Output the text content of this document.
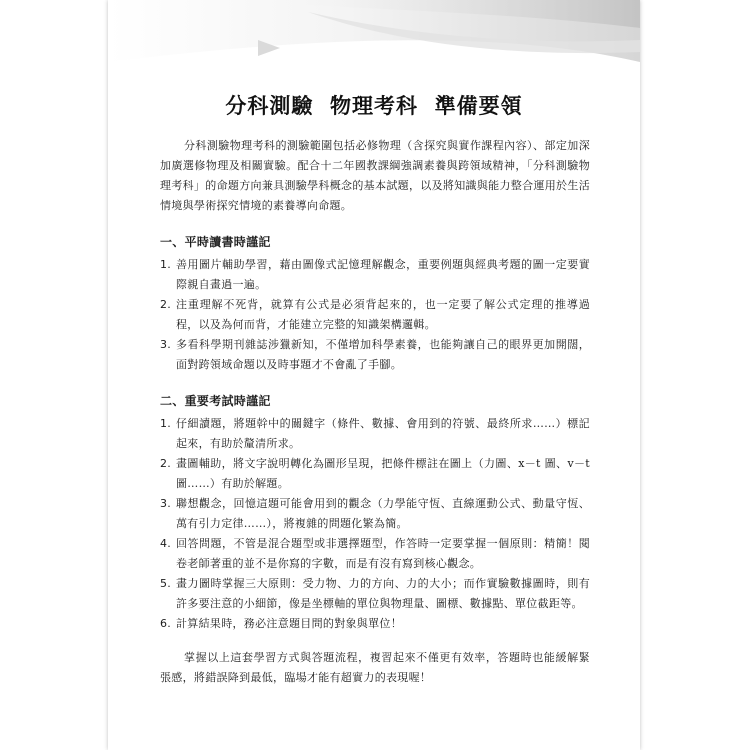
分科測驗  物理考科  準備要領

分科測驗物理考科的測驗範圍包括必修物理（含探究與實作課程內容）、部定加深加廣選修物理及相關實驗。配合十二年國教課綱強調素養與跨領域精神，「分科測驗物理考科」的命題方向兼具測驗學科概念的基本試題，以及將知識與能力整合運用於生活情境與學術探究情境的素養導向命題。

一、平時讀書時謹記
1. 善用圖片輔助學習，藉由圖像式記憶理解觀念，重要例題與經典考題的圖一定要實際親自畫過一遍。
2. 注重理解不死背，就算有公式是必須背起來的，也一定要了解公式定理的推導過程，以及為何而背，才能建立完整的知識架構邏輯。
3. 多看科學期刊雜誌涉獵新知，不僅增加科學素養，也能夠讓自己的眼界更加開闊，面對跨領域命題以及時事題才不會亂了手腳。
二、重要考試時謹記
1. 仔細讀題，將題幹中的關鍵字（條件、數據、會用到的符號、最終所求……）標記起來，有助於釐清所求。
2. 畫圖輔助，將文字說明轉化為圖形呈現，把條件標註在圖上（力圖、x－t 圖、v－t 圖……）有助於解題。
3. 聯想觀念，回憶這題可能會用到的觀念（力學能守恆、直線運動公式、動量守恆、萬有引力定律……），將複雜的問題化繁為簡。
4. 回答問題，不管是混合題型或非選擇題型，作答時一定要掌握一個原則：精簡！閱卷老師著重的並不是你寫的字數，而是有沒有寫到核心觀念。
5. 畫力圖時掌握三大原則：受力物、力的方向、力的大小；而作實驗數據圖時，則有許多要注意的小細節，像是坐標軸的單位與物理量、圖標、數據點、單位截距等。
6. 計算結果時，務必注意題目問的對象與單位！

掌握以上這套學習方式與答題流程，複習起來不僅更有效率，答題時也能緩解緊張感，將錯誤降到最低，臨場才能有超實力的表現喔！
